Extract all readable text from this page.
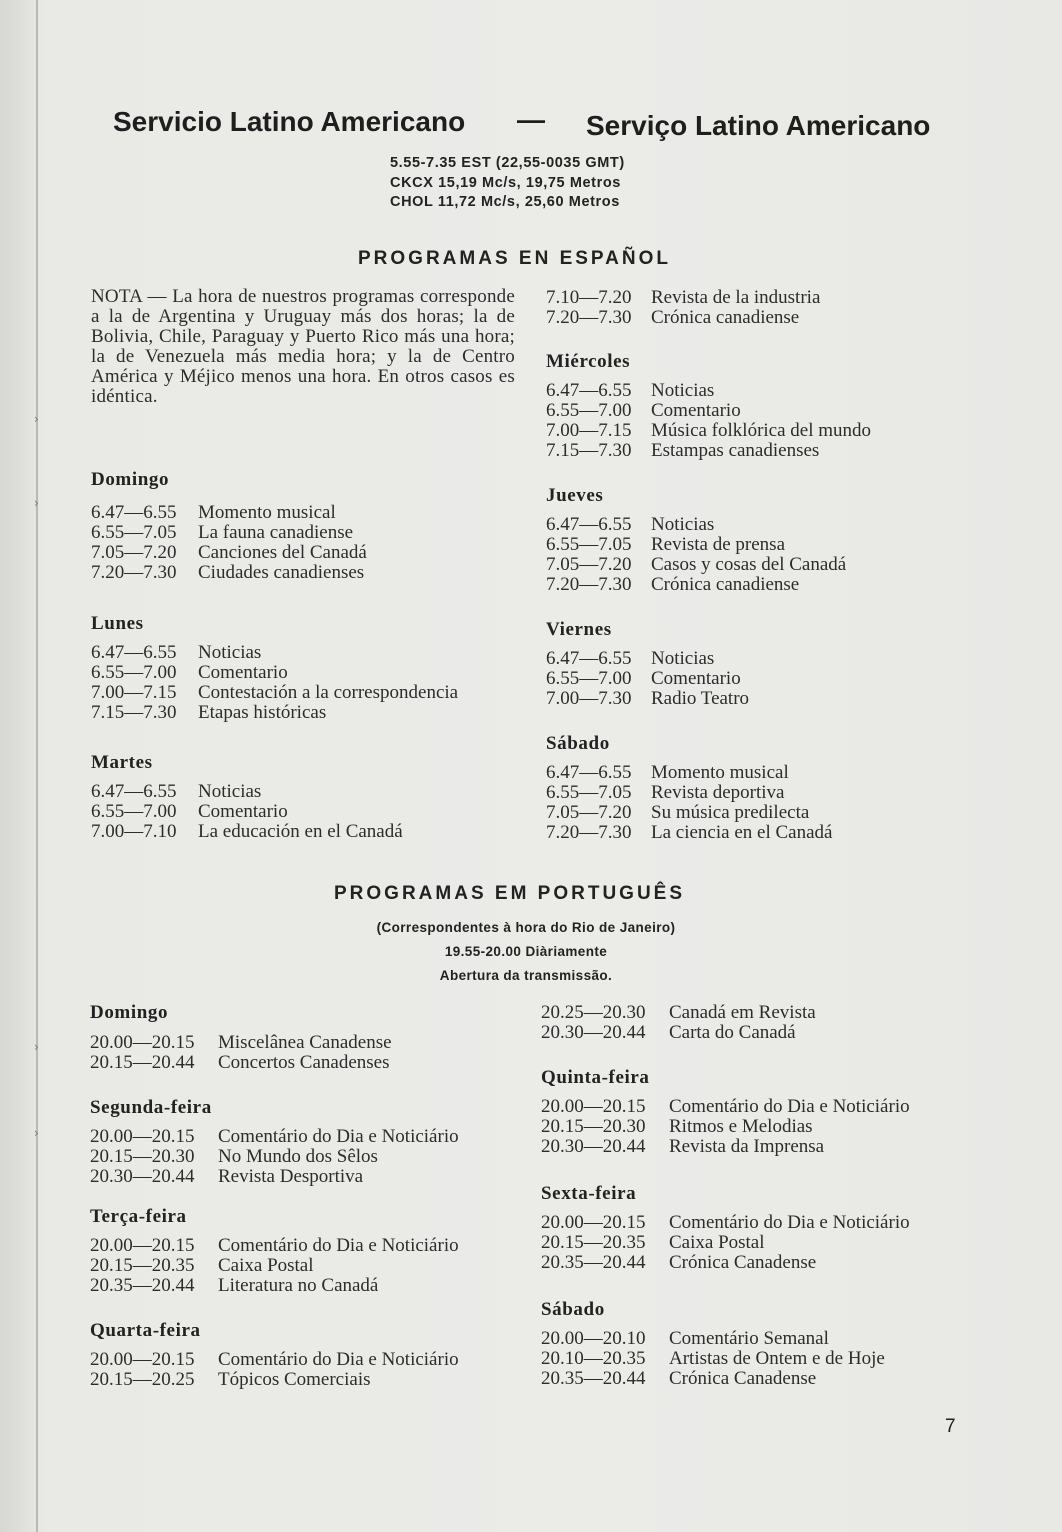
›
›
›
›
Servicio Latino Americano — Serviço Latino Americano
5.55-7.35 EST (22,55-0035 GMT)
CKCX 15,19 Mc/s, 19,75 Metros
CHOL 11,72 Mc/s, 25,60 Metros
PROGRAMAS EN ESPAÑOL

NOTA — La hora de nuestros programas corresponde a la de Argentina y Uruguay más dos horas; la de Bolivia, Chile, Paraguay y Puerto Rico más una hora; la de Venezuela más media hora; y la de Centro América y Méjico menos una hora. En otros casos es idéntica.

Domingo
6.47—6.55	Momento musical
6.55—7.05	La fauna canadiense
7.05—7.20	Canciones del Canadá
7.20—7.30	Ciudades canadienses
Lunes
6.47—6.55	Noticias
6.55—7.00	Comentario
7.00—7.15	Contestación a la correspondencia
7.15—7.30	Etapas históricas
Martes
6.47—6.55	Noticias
6.55—7.00	Comentario
7.00—7.10	La educación en el Canadá
7.10—7.20	Revista de la industria
7.20—7.30	Crónica canadiense
Miércoles
6.47—6.55	Noticias
6.55—7.00	Comentario
7.00—7.15	Música folklórica del mundo
7.15—7.30	Estampas canadienses
Jueves
6.47—6.55	Noticias
6.55—7.05	Revista de prensa
7.05—7.20	Casos y cosas del Canadá
7.20—7.30	Crónica canadiense
Viernes
6.47—6.55	Noticias
6.55—7.00	Comentario
7.00—7.30	Radio Teatro
Sábado
6.47—6.55	Momento musical
6.55—7.05	Revista deportiva
7.05—7.20	Su música predilecta
7.20—7.30	La ciencia en el Canadá
PROGRAMAS EM PORTUGUÊS
(Correspondentes à hora do Rio de Janeiro)
19.55-20.00 Diàriamente
Abertura da transmissão.
Domingo
20.00—20.15	Miscelânea Canadense
20.15—20.44	Concertos Canadenses
Segunda-feira
20.00—20.15	Comentário do Dia e Noticiário
20.15—20.30	No Mundo dos Sêlos
20.30—20.44	Revista Desportiva
Terça-feira
20.00—20.15	Comentário do Dia e Noticiário
20.15—20.35	Caixa Postal
20.35—20.44	Literatura no Canadá
Quarta-feira
20.00—20.15	Comentário do Dia e Noticiário
20.15—20.25	Tópicos Comerciais
20.25—20.30	Canadá em Revista
20.30—20.44	Carta do Canadá
Quinta-feira
20.00—20.15	Comentário do Dia e Noticiário
20.15—20.30	Ritmos e Melodias
20.30—20.44	Revista da Imprensa
Sexta-feira
20.00—20.15	Comentário do Dia e Noticiário
20.15—20.35	Caixa Postal
20.35—20.44	Crónica Canadense
Sábado
20.00—20.10	Comentário Semanal
20.10—20.35	Artistas de Ontem e de Hoje
20.35—20.44	Crónica Canadense
7
